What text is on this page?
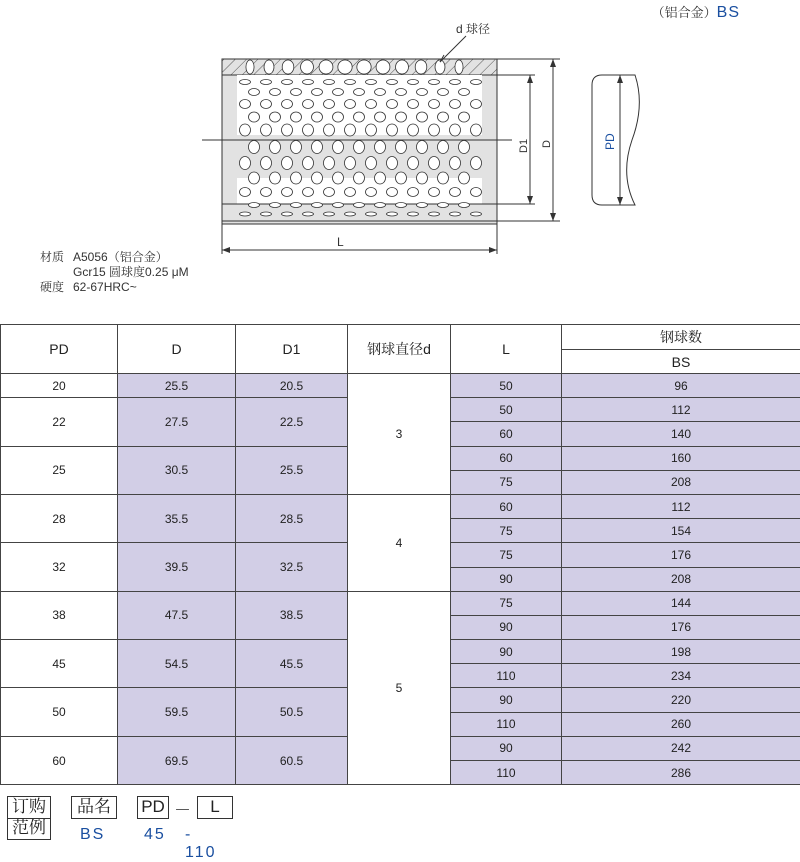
（铝合金）BS
d 球径
L
D1 D	PD
材质 A5056（铝合金）
Gcr15 圆球度0.25 μM
硬度 62-67HRC~
PD	D	D1	钢球直径d	L	钢球数
					BS
20	25.5	20.5	3	50	96
22	27.5	22.5		50	112
				60	140
25	30.5	25.5		60	160
				75	208
28	35.5	28.5	4	60	112
				75	154
32	39.5	32.5		75	176
				90	208
38	47.5	38.5	5	75	144
				90	176
45	54.5	45.5		90	198
				110	234
50	59.5	50.5		90	220
				110	260
60	69.5	60.5		90	242
				110	286
订购
范例
品名	PD －	L
BS 45 - 110
